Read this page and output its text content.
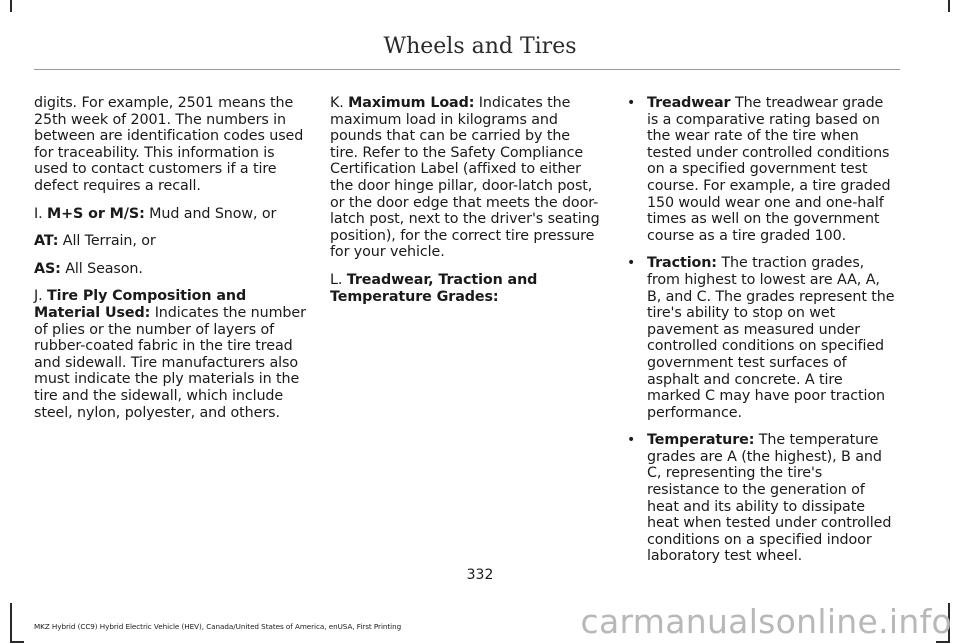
Wheels and Tires

digits. For example, 2501 means the 25th week of 2001. The numbers in between are identification codes used for traceability. This information is used to contact customers if a tire defect requires a recall.

I. M+S or M/S: Mud and Snow, or

AT: All Terrain, or

AS: All Season.

J. Tire Ply Composition and Material Used: Indicates the number of plies or the number of layers of rubber-coated fabric in the tire tread and sidewall. Tire manufacturers also must indicate the ply materials in the tire and the sidewall, which include steel, nylon, polyester, and others.

K. Maximum Load: Indicates the maximum load in kilograms and pounds that can be carried by the tire. Refer to the Safety Compliance Certification Label (affixed to either the door hinge pillar, door-latch post, or the door edge that meets the door-latch post, next to the driver's seating position), for the correct tire pressure for your vehicle.

L. Treadwear, Traction and Temperature Grades:

• Treadwear The treadwear grade is a comparative rating based on the wear rate of the tire when tested under controlled conditions on a specified government test course. For example, a tire graded 150 would wear one and one-half times as well on the government course as a tire graded 100.
• Traction: The traction grades, from highest to lowest are AA, A, B, and C. The grades represent the tire's ability to stop on wet pavement as measured under controlled conditions on specified government test surfaces of asphalt and concrete. A tire marked C may have poor traction performance.
• Temperature: The temperature grades are A (the highest), B and C, representing the tire's resistance to the generation of heat and its ability to dissipate heat when tested under controlled conditions on a specified indoor laboratory test wheel.
332
MKZ Hybrid (CC9) Hybrid Electric Vehicle (HEV), Canada/United States of America, enUSA, First Printing	carmanualsonline.info
